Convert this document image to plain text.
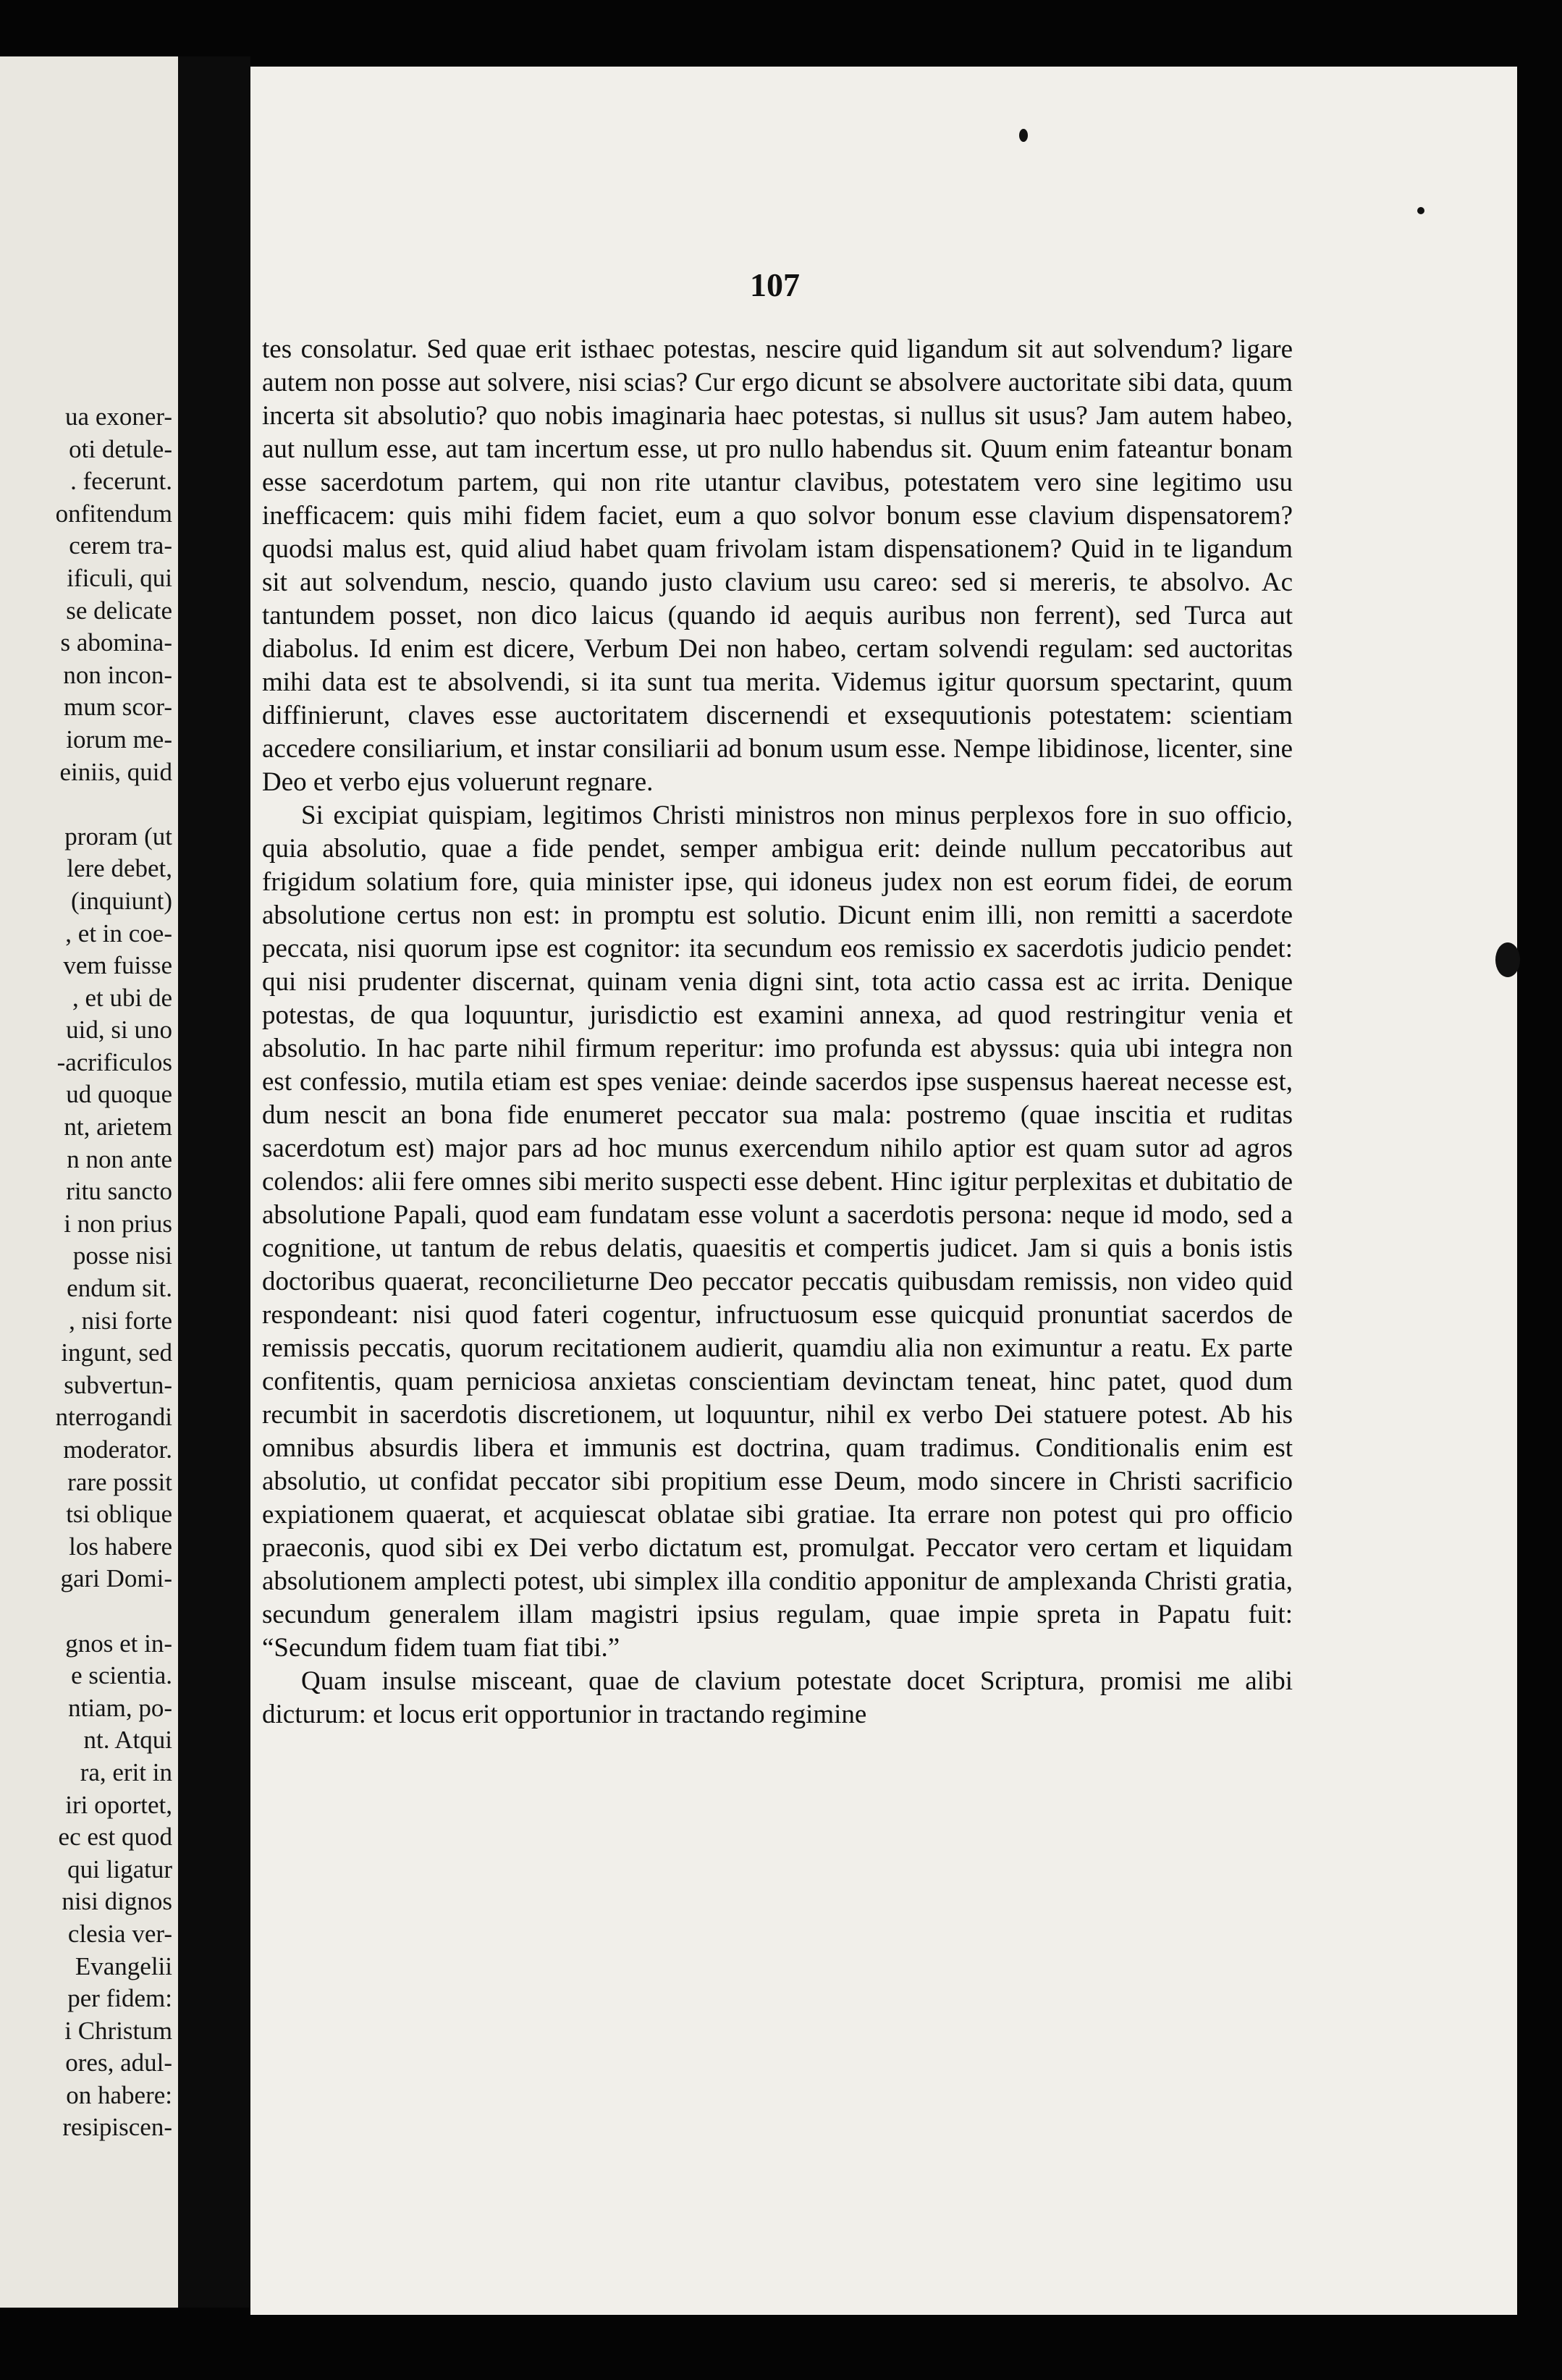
ua exoner-
oti detule-
. fecerunt.
onfitendum
cerem tra-
ificuli, qui
se delicate
s abomina-
non incon-
mum scor-
iorum me-
einiis, quid

proram (ut
lere debet,
(inquiunt)
, et in coe-
vem fuisse
, et ubi de
uid, si uno
-acrificulos
ud quoque
nt, arietem
n non ante
ritu sancto
i non prius
posse nisi
endum sit.
, nisi forte
ingunt, sed
subvertun-
nterrogandi
moderator.
rare possit
tsi oblique
los habere
gari Domi-

gnos et in-
e scientia.
ntiam, po-
nt. Atqui
ra, erit in
iri oportet,
ec est quod
qui ligatur
nisi dignos
clesia ver-
Evangelii
per fidem:
i Christum
ores, adul-
on habere:
resipiscen-
107

tes consolatur. Sed quae erit isthaec potestas, nescire quid ligandum sit aut solvendum? ligare autem non posse aut solvere, nisi scias? Cur ergo dicunt se absolvere auctoritate sibi data, quum incerta sit absolutio? quo nobis imaginaria haec potestas, si nullus sit usus? Jam autem habeo, aut nullum esse, aut tam incertum esse, ut pro nullo habendus sit. Quum enim fateantur bonam esse sacerdotum partem, qui non rite utantur clavibus, potestatem vero sine legitimo usu inefficacem: quis mihi fidem faciet, eum a quo solvor bonum esse clavium dispensatorem? quodsi malus est, quid aliud habet quam frivolam istam dispensationem? Quid in te ligandum sit aut solvendum, nescio, quando justo clavium usu careo: sed si mereris, te absolvo. Ac tantundem posset, non dico laicus (quando id aequis auribus non ferrent), sed Turca aut diabolus. Id enim est dicere, Verbum Dei non habeo, certam solvendi regulam: sed auctoritas mihi data est te absolvendi, si ita sunt tua merita. Videmus igitur quorsum spectarint, quum diffinierunt, claves esse auctoritatem discernendi et exsequutionis potestatem: scientiam accedere consiliarium, et instar consiliarii ad bonum usum esse. Nempe libidinose, licenter, sine Deo et verbo ejus voluerunt regnare.

Si excipiat quispiam, legitimos Christi ministros non minus perplexos fore in suo officio, quia absolutio, quae a fide pendet, semper ambigua erit: deinde nullum peccatoribus aut frigidum solatium fore, quia minister ipse, qui idoneus judex non est eorum fidei, de eorum absolutione certus non est: in promptu est solutio. Dicunt enim illi, non remitti a sacerdote peccata, nisi quorum ipse est cognitor: ita secundum eos remissio ex sacerdotis judicio pendet: qui nisi prudenter discernat, quinam venia digni sint, tota actio cassa est ac irrita. Denique potestas, de qua loquuntur, jurisdictio est examini annexa, ad quod restringitur venia et absolutio. In hac parte nihil firmum reperitur: imo profunda est abyssus: quia ubi integra non est confessio, mutila etiam est spes veniae: deinde sacerdos ipse suspensus haereat necesse est, dum nescit an bona fide enumeret peccator sua mala: postremo (quae inscitia et ruditas sacerdotum est) major pars ad hoc munus exercendum nihilo aptior est quam sutor ad agros colendos: alii fere omnes sibi merito suspecti esse debent. Hinc igitur perplexitas et dubitatio de absolutione Papali, quod eam fundatam esse volunt a sacerdotis persona: neque id modo, sed a cognitione, ut tantum de rebus delatis, quaesitis et compertis judicet. Jam si quis a bonis istis doctoribus quaerat, reconcilieturne Deo peccator peccatis quibusdam remissis, non video quid respondeant: nisi quod fateri cogentur, infructuosum esse quicquid pronuntiat sacerdos de remissis peccatis, quorum recitationem audierit, quamdiu alia non eximuntur a reatu. Ex parte confitentis, quam perniciosa anxietas conscientiam devinctam teneat, hinc patet, quod dum recumbit in sacerdotis discretionem, ut loquuntur, nihil ex verbo Dei statuere potest. Ab his omnibus absurdis libera et immunis est doctrina, quam tradimus. Conditionalis enim est absolutio, ut confidat peccator sibi propitium esse Deum, modo sincere in Christi sacrificio expiationem quaerat, et acquiescat oblatae sibi gratiae. Ita errare non potest qui pro officio praeconis, quod sibi ex Dei verbo dictatum est, promulgat. Peccator vero certam et liquidam absolutionem amplecti potest, ubi simplex illa conditio apponitur de amplexanda Christi gratia, secundum generalem illam magistri ipsius regulam, quae impie spreta in Papatu fuit: “Secundum fidem tuam fiat tibi.”

Quam insulse misceant, quae de clavium potestate docet Scriptura, promisi me alibi dicturum: et locus erit opportunior in tractando regimine
